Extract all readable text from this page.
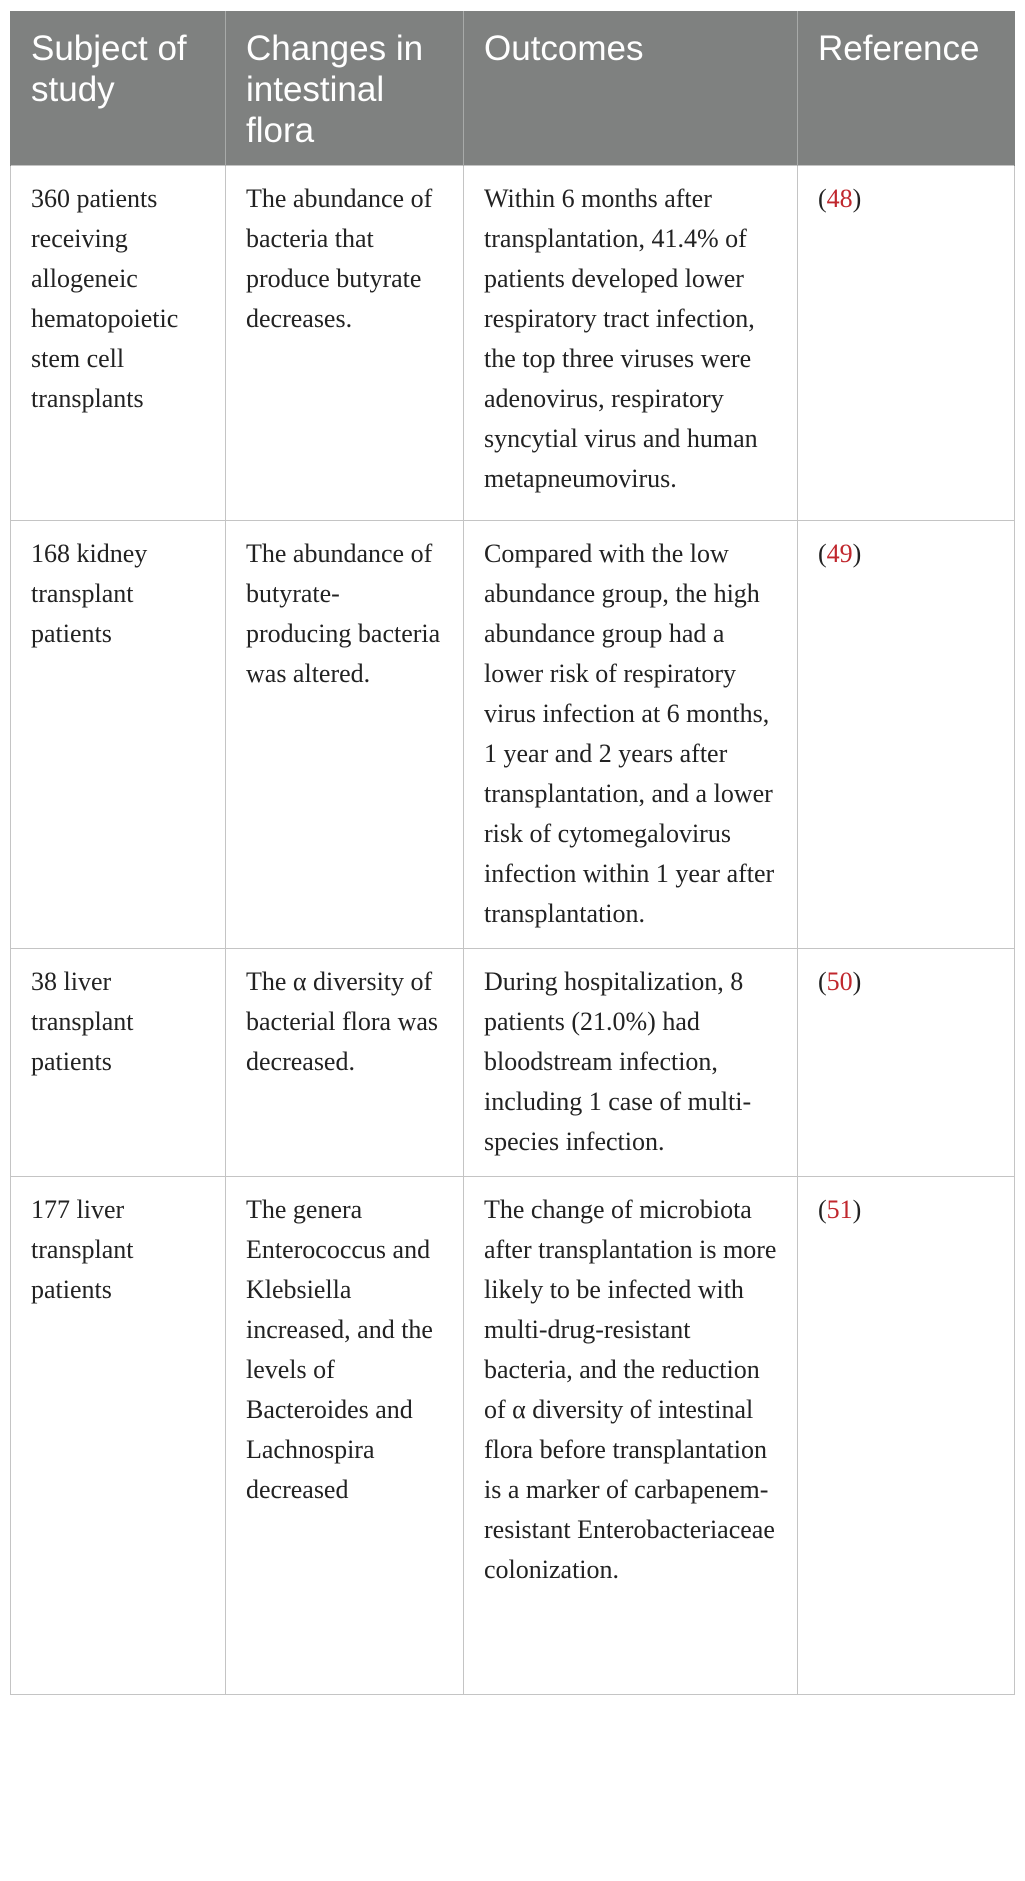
Subject of study	Changes in intestinal flora	Outcomes	Reference
360 patients receiving allogeneic hematopoietic stem cell transplants	The abundance of bacteria that produce butyrate decreases.	Within 6 months after transplantation, 41.4% of patients developed lower respiratory tract infection, the top three viruses were adenovirus, respiratory syncytial virus and human metapneumovirus.	(48)
168 kidney transplant patients	The abundance of butyrate-producing bacteria was altered.	Compared with the low abundance group, the high abundance group had a lower risk of respiratory virus infection at 6 months, 1 year and 2 years after transplantation, and a lower risk of cytomegalovirus infection within 1 year after transplantation.	(49)
38 liver transplant patients	The α diversity of bacterial flora was decreased.	During hospitalization, 8 patients (21.0%) had bloodstream infection, including 1 case of multi-species infection.	(50)
177 liver transplant patients	The genera Enterococcus and Klebsiella increased, and the levels of Bacteroides and Lachnospira decreased	The change of microbiota after transplantation is more likely to be infected with multi-drug-resistant bacteria, and the reduction of α diversity of intestinal flora before transplantation is a marker of carbapenem-resistant Enterobacteriaceae colonization.	(51)
